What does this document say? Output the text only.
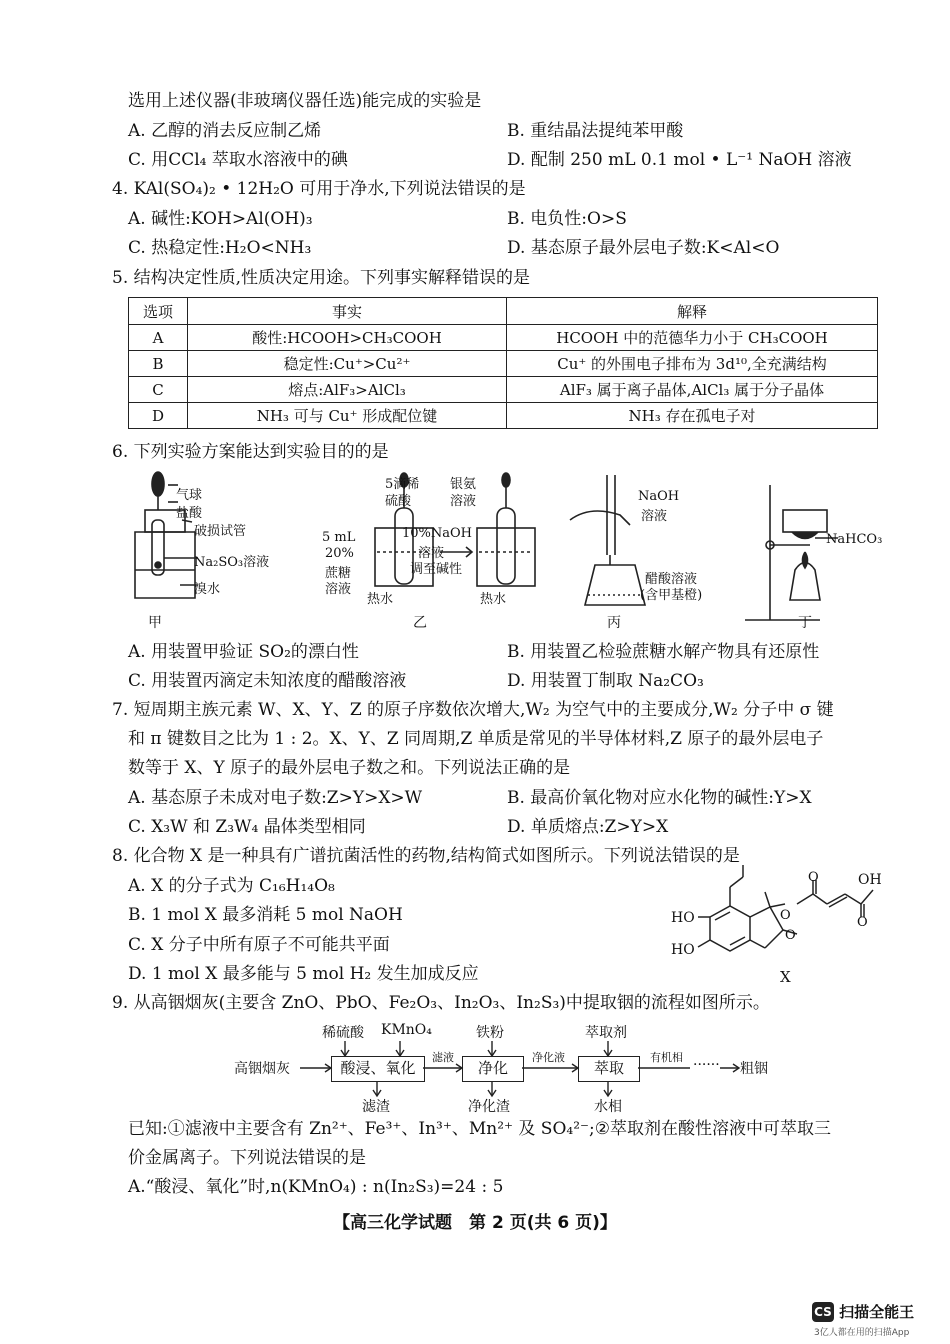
选用上述仪器(非玻璃仪器任选)能完成的实验是
A. 乙醇的消去反应制乙烯	B. 重结晶法提纯苯甲酸
C. 用CCl₄ 萃取水溶液中的碘	D. 配制 250 mL 0.1 mol • L⁻¹ NaOH 溶液
4. KAl(SO₄)₂ • 12H₂O 可用于净水,下列说法错误的是
A. 碱性:KOH>Al(OH)₃	B. 电负性:O>S
C. 热稳定性:H₂O<NH₃	D. 基态原子最外层电子数:K<Al<O
5. 结构决定性质,性质决定用途。下列事实解释错误的是
选项	事实	解释
A	酸性:HCOOH>CH₃COOH	HCOOH 中的范德华力小于 CH₃COOH
B	稳定性:Cu⁺>Cu²⁺	Cu⁺ 的外围电子排布为 3d¹⁰,全充满结构
C	熔点:AlF₃>AlCl₃	AlF₃ 属于离子晶体,AlCl₃ 属于分子晶体
D	NH₃ 可与 Cu⁺ 形成配位键	NH₃ 存在孤电子对
6. 下列实验方案能达到实验目的的是
气球
盐酸
破损试管
Na₂SO₃溶液
溴水
甲
5滴稀
硫酸
银氨
溶液
5 mL
20%
蔗糖
溶液
10%NaOH
溶液
调至碱性
热水	热水
乙
NaOH
溶液
醋酸溶液
(含甲基橙)
丙
NaHCO₃
丁
A. 用装置甲验证 SO₂的漂白性	B. 用装置乙检验蔗糖水解产物具有还原性
C. 用装置丙滴定未知浓度的醋酸溶液	D. 用装置丁制取 Na₂CO₃
7. 短周期主族元素 W、X、Y、Z 的原子序数依次增大,W₂ 为空气中的主要成分,W₂ 分子中 σ 键
和 π 键数目之比为 1 : 2。X、Y、Z 同周期,Z 单质是常见的半导体材料,Z 原子的最外层电子
数等于 X、Y 原子的最外层电子数之和。下列说法正确的是
A. 基态原子未成对电子数:Z>Y>X>W	B. 最高价氧化物对应水化物的碱性:Y>X
C. X₃W 和 Z₃W₄ 晶体类型相同	D. 单质熔点:Z>Y>X
8. 化合物 X 是一种具有广谱抗菌活性的药物,结构简式如图所示。下列说法错误的是
A. X 的分子式为 C₁₆H₁₄O₈
B. 1 mol X 最多消耗 5 mol NaOH
C. X 分子中所有原子不可能共平面
D. 1 mol X 最多能与 5 mol H₂ 发生加成反应
HO
HO
OH
O
O
O
O
X
9. 从高铟烟灰(主要含 ZnO、PbO、Fe₂O₃、In₂O₃、In₂S₃)中提取铟的流程如图所示。
稀硫酸 KMnO₄	铁粉	萃取剂
高铟烟灰	酸浸、氧化	净化	萃取
滤液	净化液	有机相 ······ 粗铟
滤渣	净化渣	水相
已知:①滤液中主要含有 Zn²⁺、Fe³⁺、In³⁺、Mn²⁺ 及 SO₄²⁻;②萃取剂在酸性溶液中可萃取三
价金属离子。下列说法错误的是
A.“酸浸、氧化”时,n(KMnO₄) : n(In₂S₃)=24 : 5
【高三化学试题　第 2 页(共 6 页)】
CS 扫描全能王
3亿人都在用的扫描App
